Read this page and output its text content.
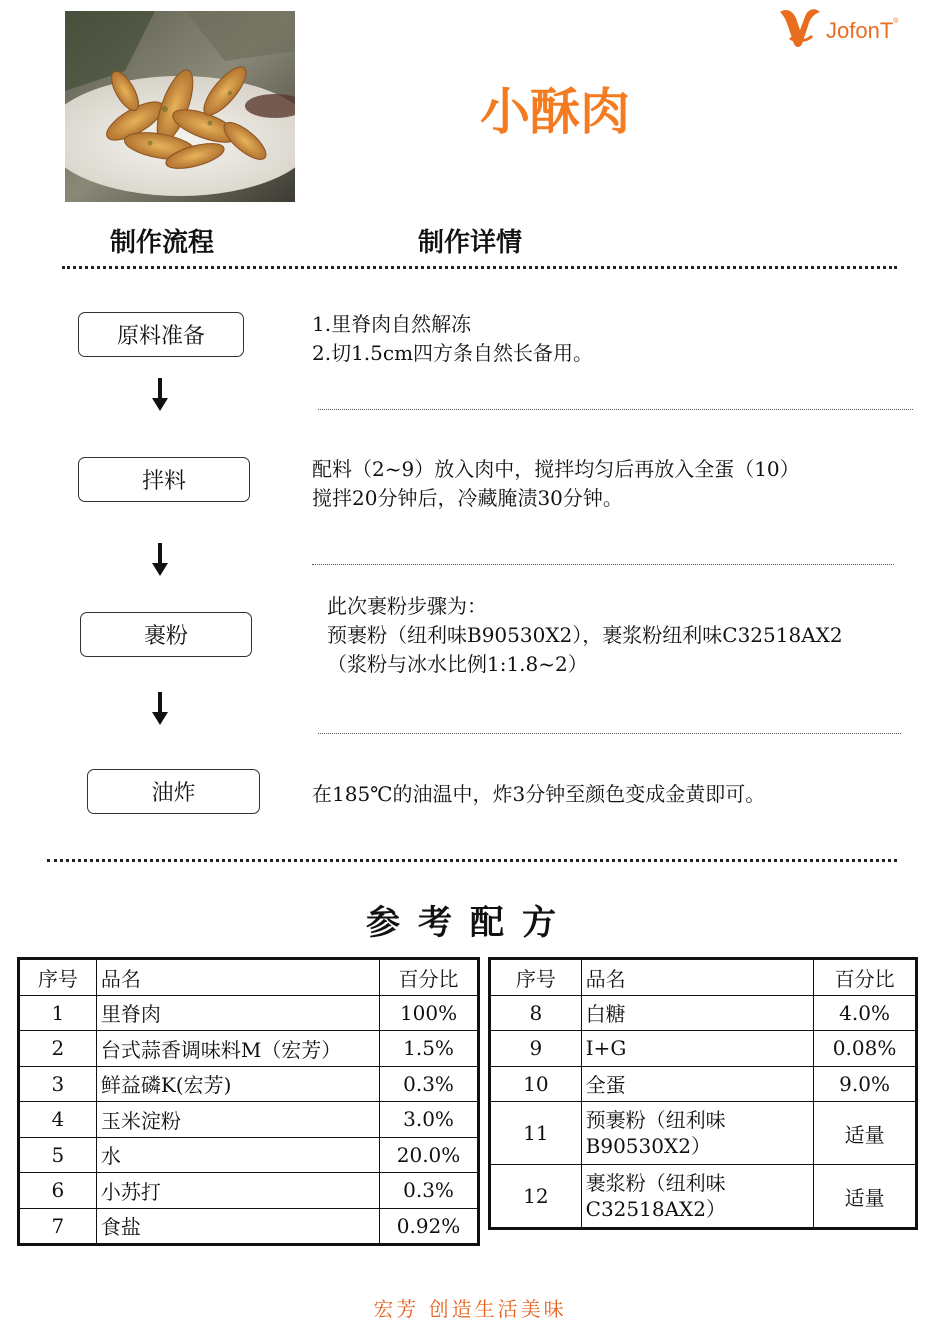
JofonT®
小酥肉
制作流程	制作详情
原料准备	1.里脊肉自然解冻
2.切1.5cm四方条自然长备用。
拌料	配料（2~9）放入肉中，搅拌均匀后再放入全蛋（10）
搅拌20分钟后，冷藏腌渍30分钟。
裹粉
此次裹粉步骤为：
预裹粉（纽利味B90530X2），裹浆粉纽利味C32518AX2
（浆粉与冰水比例1:1.8~2）
油炸	在185℃的油温中，炸3分钟至颜色变成金黄即可。
参考配方
序号	品名	百分比
1	里脊肉	100%
2	台式蒜香调味料M（宏芳）	1.5%
3	鲜益磷K(宏芳)	0.3%
4	玉米淀粉	3.0%
5	水	20.0%
6	小苏打	0.3%
7	食盐	0.92%
序号	品名	百分比
8	白糖	4.0%
9	I+G	0.08%
10	全蛋	9.0%
11	预裹粉（纽利味
B90530X2）	适量
12	裹浆粉（纽利味
C32518AX2）	适量
宏芳 创造生活美味
